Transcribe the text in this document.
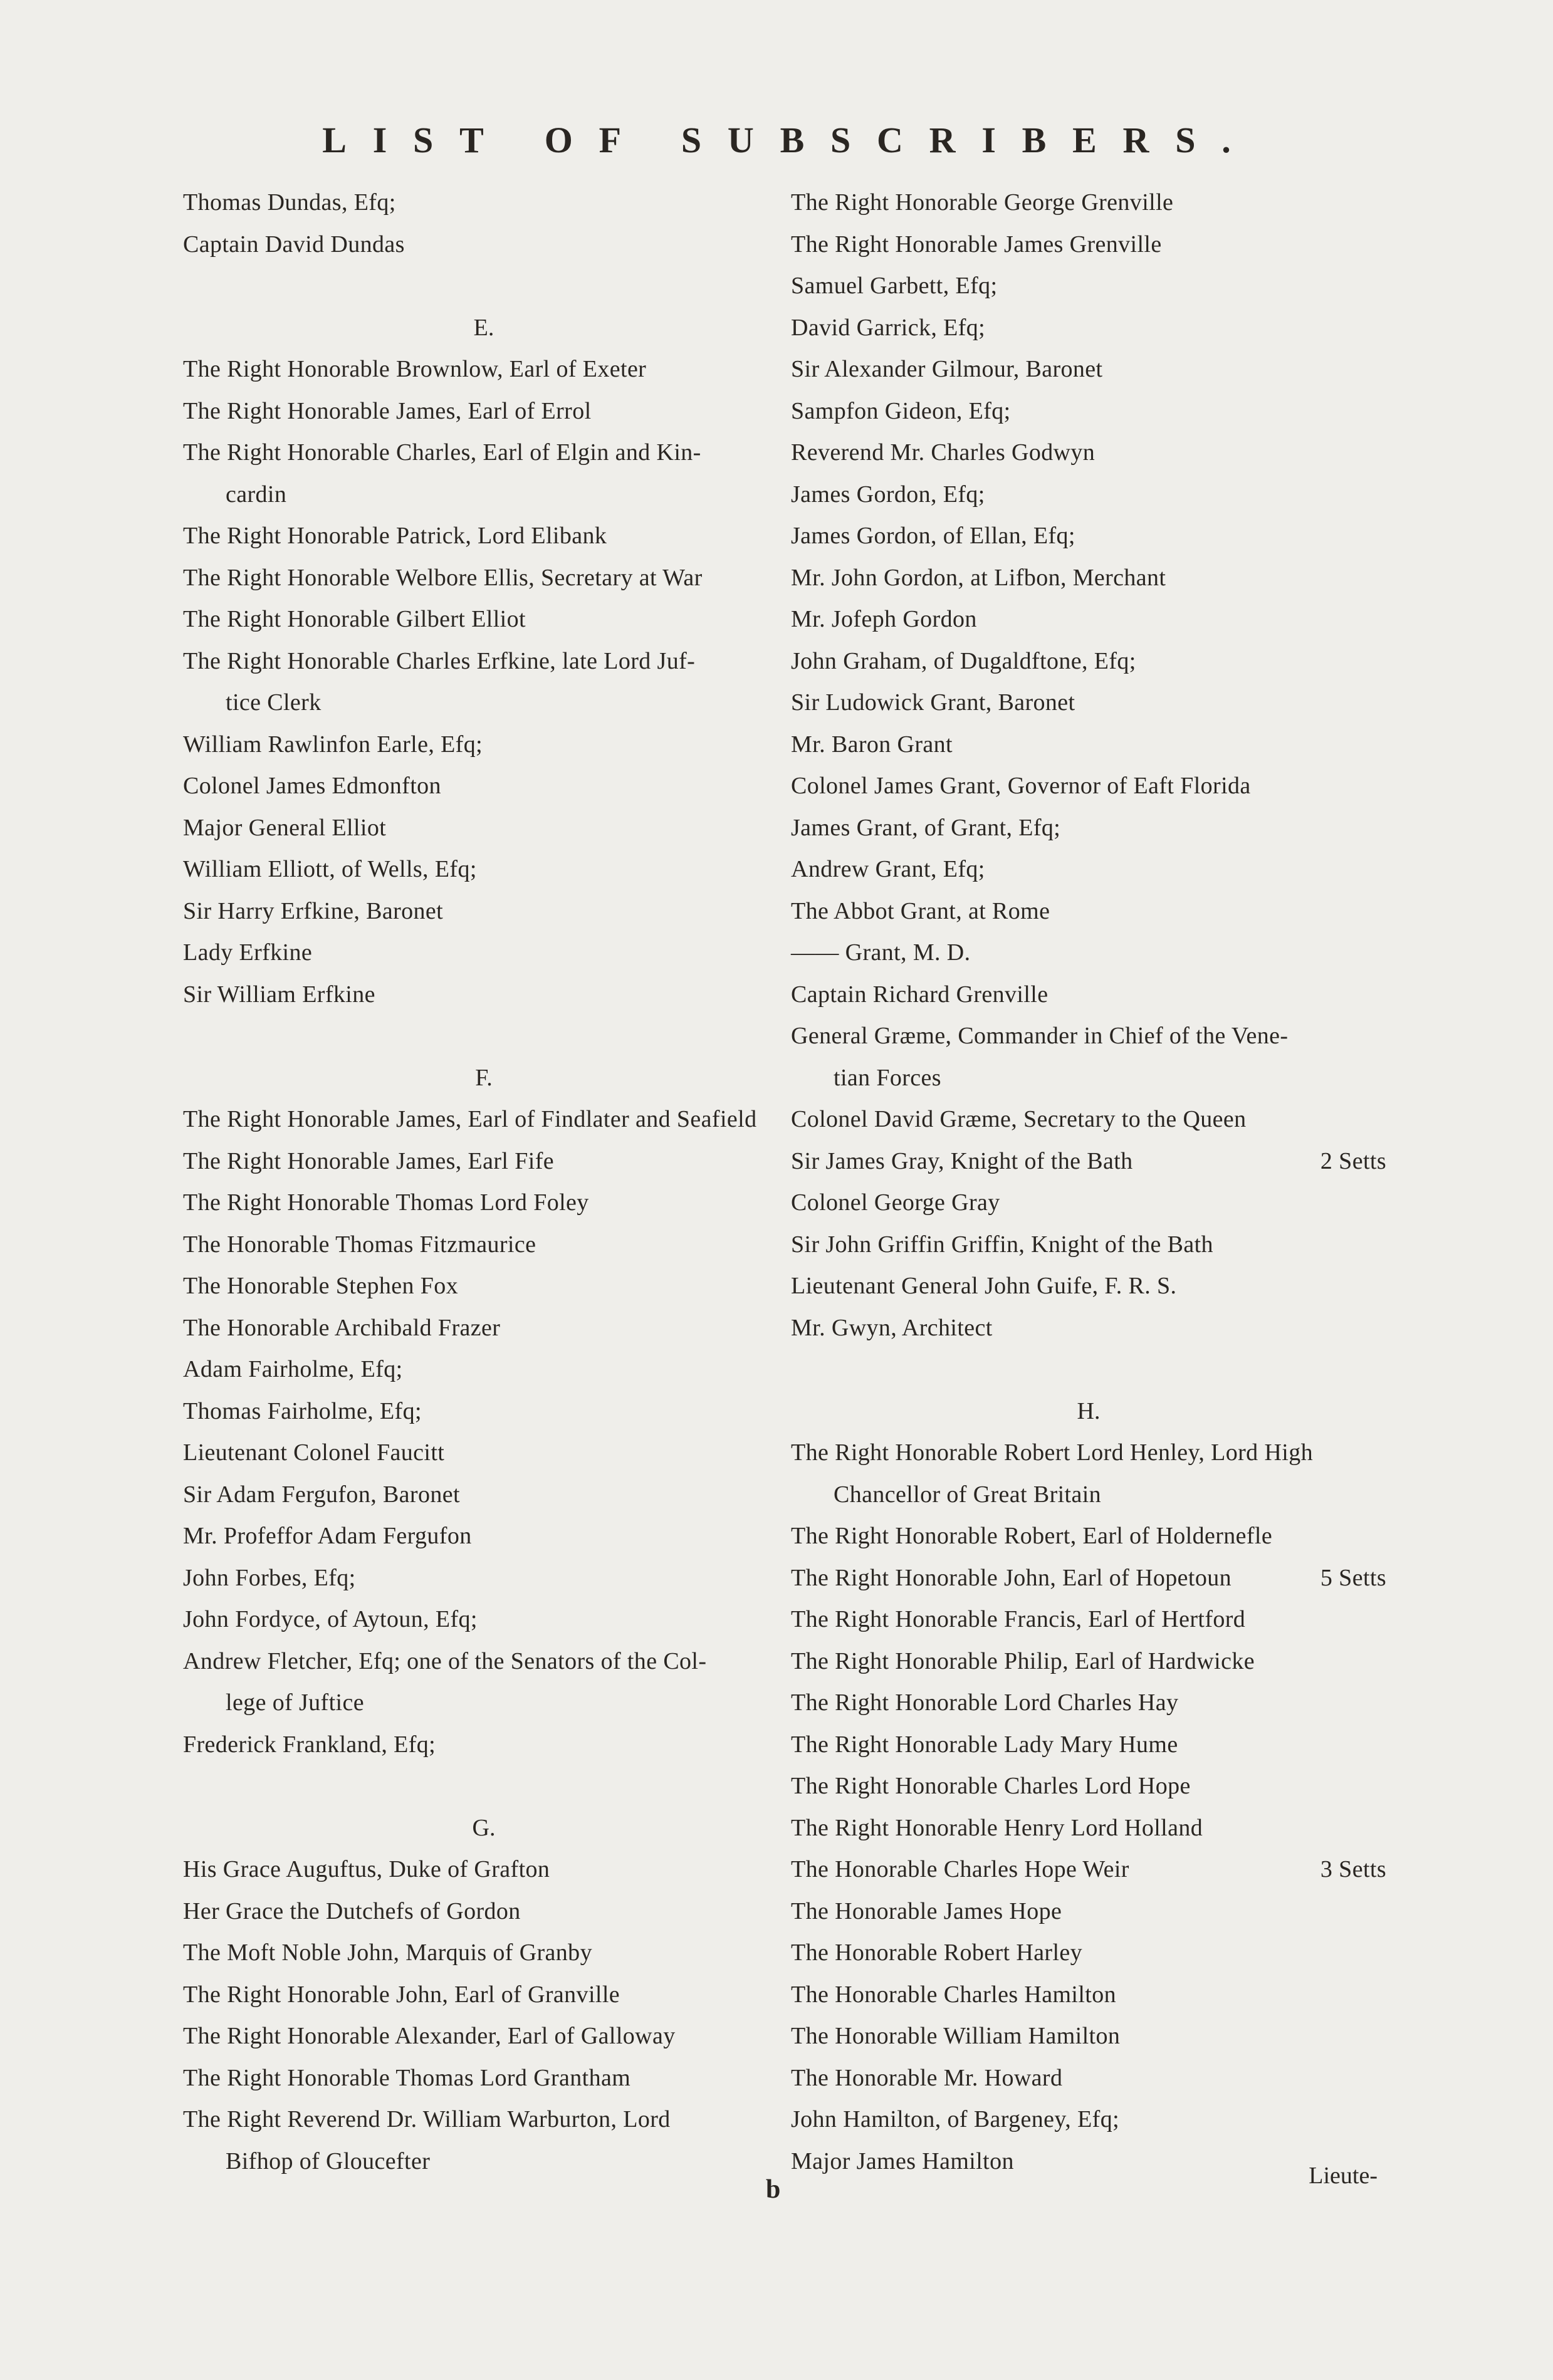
LIST OF SUBSCRIBERS.
Thomas Dundas, Efq;
Captain David Dundas
E.
The Right Honorable Brownlow, Earl of Exeter
The Right Honorable James, Earl of Errol
The Right Honorable Charles, Earl of Elgin and Kin-
cardin
The Right Honorable Patrick, Lord Elibank
The Right Honorable Welbore Ellis, Secretary at War
The Right Honorable Gilbert Elliot
The Right Honorable Charles Erfkine, late Lord Juf-
tice Clerk
William Rawlinfon Earle, Efq;
Colonel James Edmonfton
Major General Elliot
William Elliott, of Wells, Efq;
Sir Harry Erfkine, Baronet
Lady Erfkine
Sir William Erfkine
F.
The Right Honorable James, Earl of Findlater and Seafield
The Right Honorable James, Earl Fife
The Right Honorable Thomas Lord Foley
The Honorable Thomas Fitzmaurice
The Honorable Stephen Fox
The Honorable Archibald Frazer
Adam Fairholme, Efq;
Thomas Fairholme, Efq;
Lieutenant Colonel Faucitt
Sir Adam Fergufon, Baronet
Mr. Profeffor Adam Fergufon
John Forbes, Efq;
John Fordyce, of Aytoun, Efq;
Andrew Fletcher, Efq; one of the Senators of the Col-
lege of Juftice
Frederick Frankland, Efq;
G.
His Grace Auguftus, Duke of Grafton
Her Grace the Dutchefs of Gordon
The Moft Noble John, Marquis of Granby
The Right Honorable John, Earl of Granville
The Right Honorable Alexander, Earl of Galloway
The Right Honorable Thomas Lord Grantham
The Right Reverend Dr. William Warburton, Lord
Bifhop of Gloucefter
The Right Honorable George Grenville
The Right Honorable James Grenville
Samuel Garbett, Efq;
David Garrick, Efq;
Sir Alexander Gilmour, Baronet
Sampfon Gideon, Efq;
Reverend Mr. Charles Godwyn
James Gordon, Efq;
James Gordon, of Ellan, Efq;
Mr. John Gordon, at Lifbon, Merchant
Mr. Jofeph Gordon
John Graham, of Dugaldftone, Efq;
Sir Ludowick Grant, Baronet
Mr. Baron Grant
Colonel James Grant, Governor of Eaft Florida
James Grant, of Grant, Efq;
Andrew Grant, Efq;
The Abbot Grant, at Rome
—— Grant, M. D.
Captain Richard Grenville
General Græme, Commander in Chief of the Vene-
tian Forces
Colonel David Græme, Secretary to the Queen
Sir James Gray, Knight of the Bath	2 Setts
Colonel George Gray
Sir John Griffin Griffin, Knight of the Bath
Lieutenant General John Guife, F. R. S.
Mr. Gwyn, Architect
H.
The Right Honorable Robert Lord Henley, Lord High
Chancellor of Great Britain
The Right Honorable Robert, Earl of Holdernefle
The Right Honorable John, Earl of Hopetoun	5 Setts
The Right Honorable Francis, Earl of Hertford
The Right Honorable Philip, Earl of Hardwicke
The Right Honorable Lord Charles Hay
The Right Honorable Lady Mary Hume
The Right Honorable Charles Lord Hope
The Right Honorable Henry Lord Holland
The Honorable Charles Hope Weir	3 Setts
The Honorable James Hope
The Honorable Robert Harley
The Honorable Charles Hamilton
The Honorable William Hamilton
The Honorable Mr. Howard
John Hamilton, of Bargeney, Efq;
Major James Hamilton
b	Lieute-
